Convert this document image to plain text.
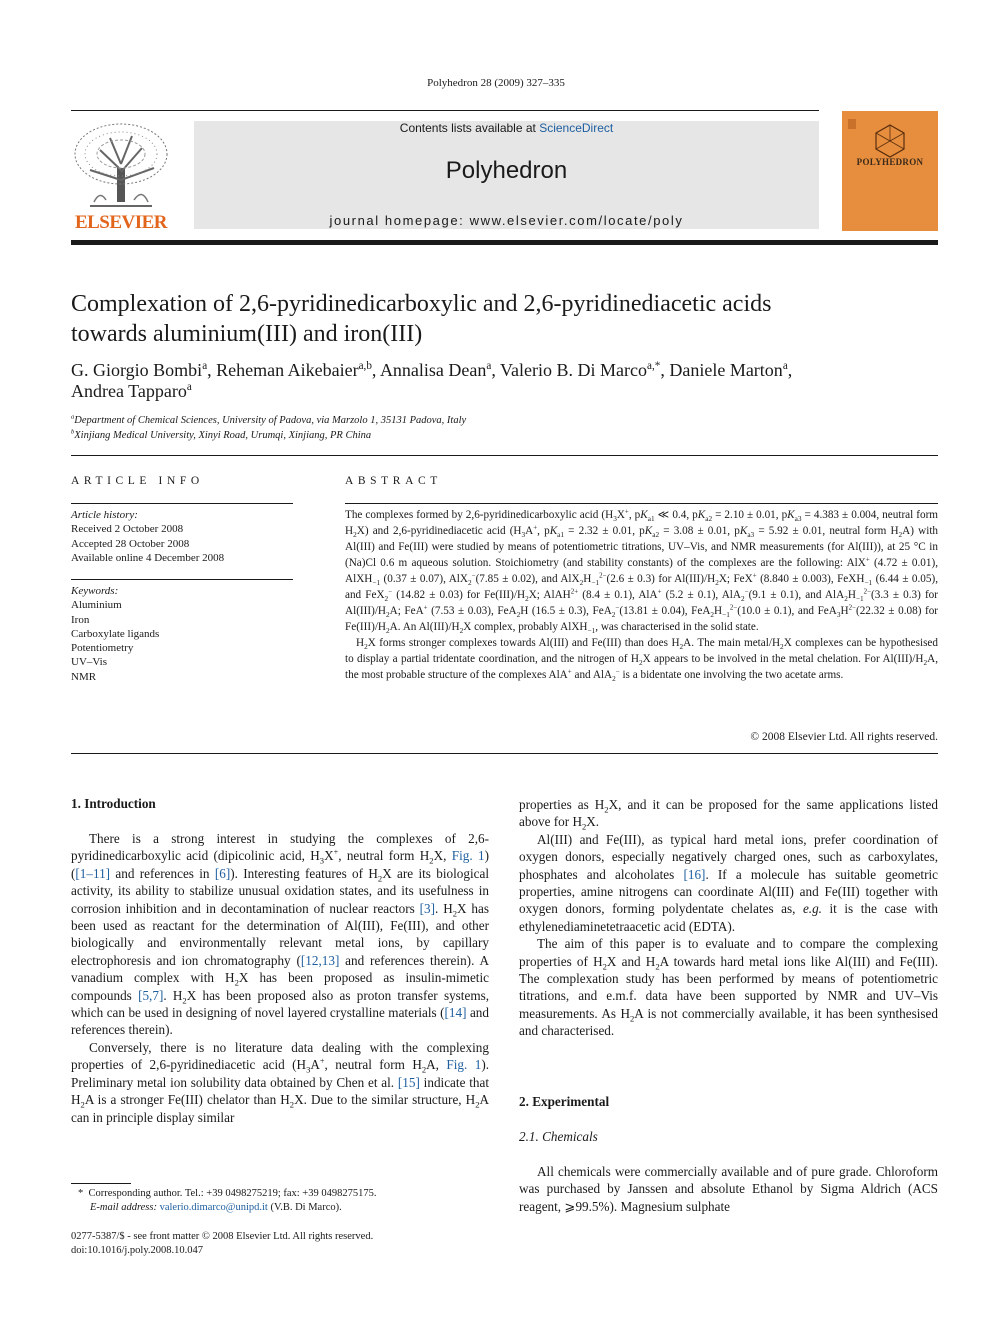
Polyhedron 28 (2009) 327–335
ELSEVIER
Contents lists available at ScienceDirect
Polyhedron
journal homepage: www.elsevier.com/locate/poly
POLYHEDRON
Complexation of 2,6-pyridinedicarboxylic and 2,6-pyridinediacetic acids
towards aluminium(III) and iron(III)
G. Giorgio Bombi$^a$, Reheman Aikebaier$^{a,b}$, Annalisa Dean$^a$, Valerio B. Di Marco$^{a,*}$, Daniele Marton$^a$,
Andrea Tapparo$^a$
$^a$Department of Chemical Sciences, University of Padova, via Marzolo 1, 35131 Padova, Italy
$^b$Xinjiang Medical University, Xinyi Road, Urumqi, Xinjiang, PR China
ARTICLE INFO
Article history:
Received 2 October 2008
Accepted 28 October 2008
Available online 4 December 2008
Keywords:
Aluminium
Iron
Carboxylate ligands
Potentiometry
UV–Vis
NMR
ABSTRACT

The complexes formed by 2,6-pyridinedicarboxylic acid ($H_3X^+$, $pK_{a1}$ ≪ 0.4, $pK_{a2} = 2.10 \pm 0.01$, $pK_{a3} = 4.383 \pm 0.004$, neutral form $H_2X$) and 2,6-pyridinediacetic acid ($H_3A^+$, $pK_{a1} = 2.32 \pm 0.01$, $pK_{a2} = 3.08 \pm 0.01$, $pK_{a3} = 5.92 \pm 0.01$, neutral form $H_2A$) with Al(III) and Fe(III) were studied by means of potentiometric titrations, UV–Vis, and NMR measurements (for Al(III)), at 25 °C in (Na)Cl 0.6 m aqueous solution. Stoichiometry (and stability constants) of the complexes are the following: AlX+ (4.72 ± 0.01), AlXH$_{-1}$ (0.37 ± 0.07), AlX$_2$−(7.85 ± 0.02), and $AlX_2H_{-1}^{2-}(2.6 \pm 0.3)$ for $Al(III)/H_2X$; FeX+ (8.840 ± 0.003), FeXH$_{-1}$ (6.44 ± 0.05), and FeX$_2$− (14.82 ± 0.03) for $Fe(III)/H_2X$; AlAH$^{2+}$ (8.4 ± 0.1), AlA+ (5.2 ± 0.1), AlA$_2$−(9.1 ± 0.1), and $AlA_2H_{-1}^{2-}(3.3 \pm 0.3)$ for $Al(III)/H_2A$; FeA+ (7.53 ± 0.03), FeA$_2$H (16.5 ± 0.3), FeA$_2$−(13.81 ± 0.04), $FeA_2H_{-1}^{2-}(10.0 \pm 0.1)$, and $FeA_3H^{2-}(22.32 \pm 0.08)$ for $Fe(III)/H_2A$. An $Al(III)/H_2X$ complex, probably AlXH$_{-1}$, was characterised in the solid state.

$H_2X$ forms stronger complexes towards Al(III) and Fe(III) than does $H_2A$. The main metal/$H_2X$ complexes can be hypothesised to display a partial tridentate coordination, and the nitrogen of $H_2X$ appears to be involved in the metal chelation. For $Al(III)/H_2A$, the most probable structure of the complexes AlA+ and AlA$_2$− is a bidentate one involving the two acetate arms.

© 2008 Elsevier Ltd. All rights reserved.
1. Introduction

There is a strong interest in studying the complexes of 2,6-pyridinedicarboxylic acid (dipicolinic acid, $H_3X^+$, neutral form $H_2X$, Fig. 1) ([1–11] and references in [6]). Interesting features of $H_2X$ are its biological activity, its ability to stabilize unusual oxidation states, and its usefulness in corrosion inhibition and in decontamination of nuclear reactors [3]. $H_2X$ has been used as reactant for the determination of Al(III), Fe(III), and other biologically and environmentally relevant metal ions, by capillary electrophoresis and ion chromatography ([12,13] and references therein). A vanadium complex with $H_2X$ has been proposed as insulin-mimetic compounds [5,7]. $H_2X$ has been proposed also as proton transfer systems, which can be used in designing of novel layered crystalline materials ([14] and references therein).

Conversely, there is no literature data dealing with the complexing properties of 2,6-pyridinediacetic acid ($H_3A^+$, neutral form $H_2A$, Fig. 1). Preliminary metal ion solubility data obtained by Chen et al. [15] indicate that $H_2A$ is a stronger Fe(III) chelator than $H_2X$. Due to the similar structure, $H_2A$ can in principle display similar

*  Corresponding author. Tel.: +39 0498275219; fax: +39 0498275175.
E-mail address: valerio.dimarco@unipd.it (V.B. Di Marco).
0277-5387/$ - see front matter © 2008 Elsevier Ltd. All rights reserved.
doi:10.1016/j.poly.2008.10.047

properties as $H_2X$, and it can be proposed for the same applications listed above for $H_2X$.

Al(III) and Fe(III), as typical hard metal ions, prefer coordination of oxygen donors, especially negatively charged ones, such as carboxylates, phosphates and alcoholates [16]. If a molecule has suitable geometric properties, amine nitrogens can coordinate Al(III) and Fe(III) together with oxygen donors, forming polydentate chelates as, e.g. it is the case with ethylenediaminetetraacetic acid (EDTA).

The aim of this paper is to evaluate and to compare the complexing properties of $H_2X$ and $H_2A$ towards hard metal ions like Al(III) and Fe(III). The complexation study has been performed by means of potentiometric titrations, and e.m.f. data have been supported by NMR and UV–Vis measurements. As $H_2A$ is not commercially available, it has been synthesised and characterised.

2. Experimental
2.1. Chemicals

All chemicals were commercially available and of pure grade. Chloroform was purchased by Janssen and absolute Ethanol by Sigma Aldrich (ACS reagent, ⩾99.5%). Magnesium sulphate
